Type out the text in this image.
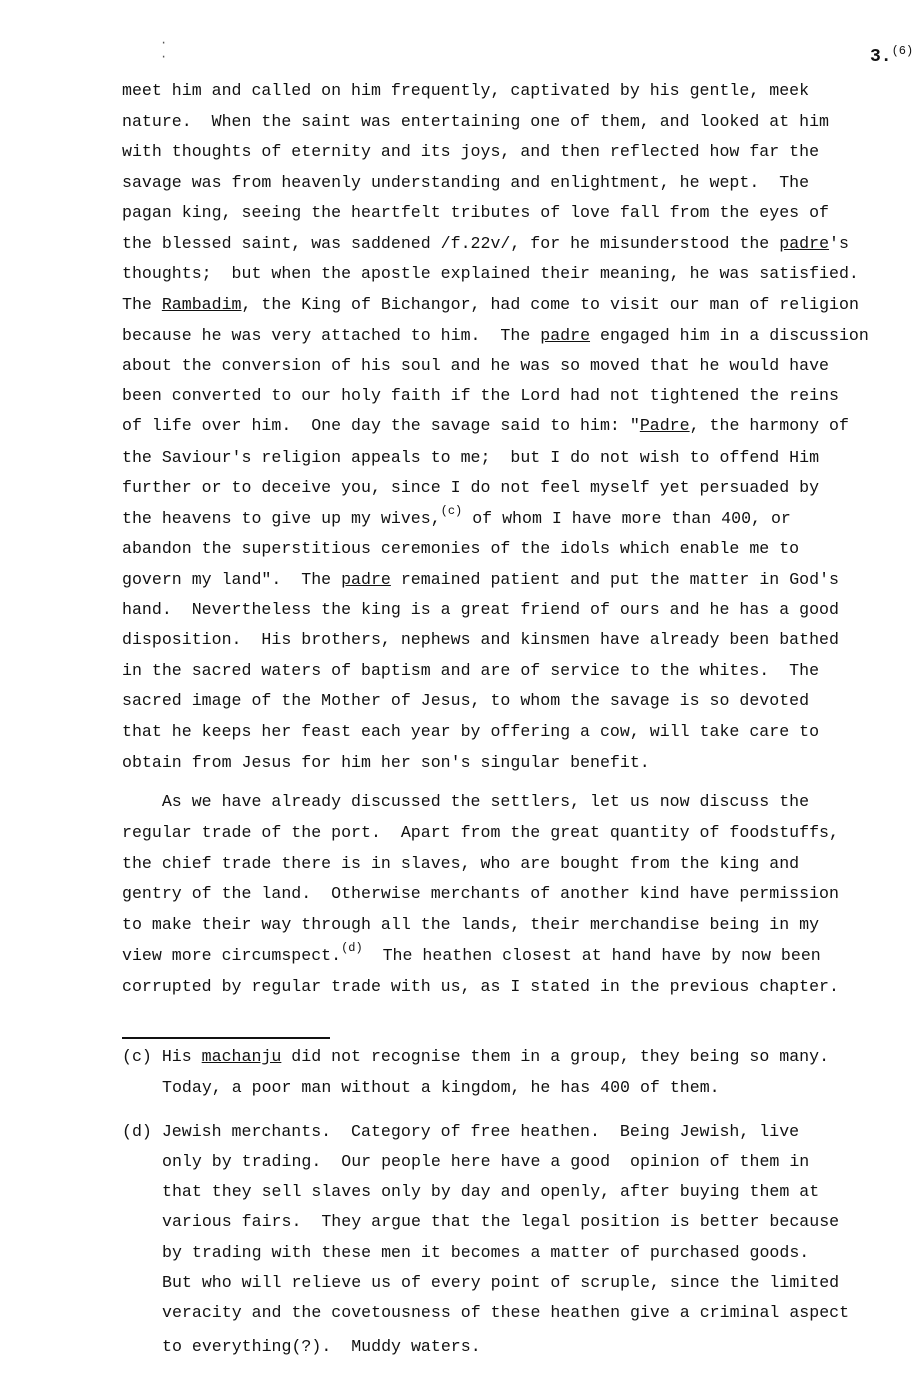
3.$^{(6)}$
·
·
meet him and called on him frequently, captivated by his gentle, meek
nature.  When the saint was entertaining one of them, and looked at him
with thoughts of eternity and its joys, and then reflected how far the
savage was from heavenly understanding and enlightment, he wept.  The
pagan king, seeing the heartfelt tributes of love fall from the eyes of
the blessed saint, was saddened /f.22v/, for he misunderstood the padre's
thoughts;  but when the apostle explained their meaning, he was satisfied.
The Rambadim, the King of Bichangor, had come to visit our man of religion
because he was very attached to him.  The padre engaged him in a discussion
about the conversion of his soul and he was so moved that he would have
been converted to our holy faith if the Lord had not tightened the reins
of life over him.  One day the savage said to him: "Padre, the harmony of
the Saviour's religion appeals to me;  but I do not wish to offend Him
further or to deceive you, since I do not feel myself yet persuaded by
the heavens to give up my wives,$^{(c)}$ of whom I have more than 400, or
abandon the superstitious ceremonies of the idols which enable me to
govern my land".  The padre remained patient and put the matter in God's
hand.  Nevertheless the king is a great friend of ours and he has a good
disposition.  His brothers, nephews and kinsmen have already been bathed
in the sacred waters of baptism and are of service to the whites.  The
sacred image of the Mother of Jesus, to whom the savage is so devoted
that he keeps her feast each year by offering a cow, will take care to
obtain from Jesus for him her son's singular benefit.
As we have already discussed the settlers, let us now discuss the
regular trade of the port.  Apart from the great quantity of foodstuffs,
the chief trade there is in slaves, who are bought from the king and
gentry of the land.  Otherwise merchants of another kind have permission
to make their way through all the lands, their merchandise being in my
view more circumspect.$^{(d)}$  The heathen closest at hand have by now been
corrupted by regular trade with us, as I stated in the previous chapter.
(c) His machanju did not recognise them in a group, they being so many.
Today, a poor man without a kingdom, he has 400 of them.
(d) Jewish merchants.  Category of free heathen.  Being Jewish, live
only by trading.  Our people here have a good  opinion of them in
that they sell slaves only by day and openly, after buying them at
various fairs.  They argue that the legal position is better because
by trading with these men it becomes a matter of purchased goods.
But who will relieve us of every point of scruple, since the limited
veracity and the covetousness of these heathen give a criminal aspect
to everything(?).  Muddy waters.
